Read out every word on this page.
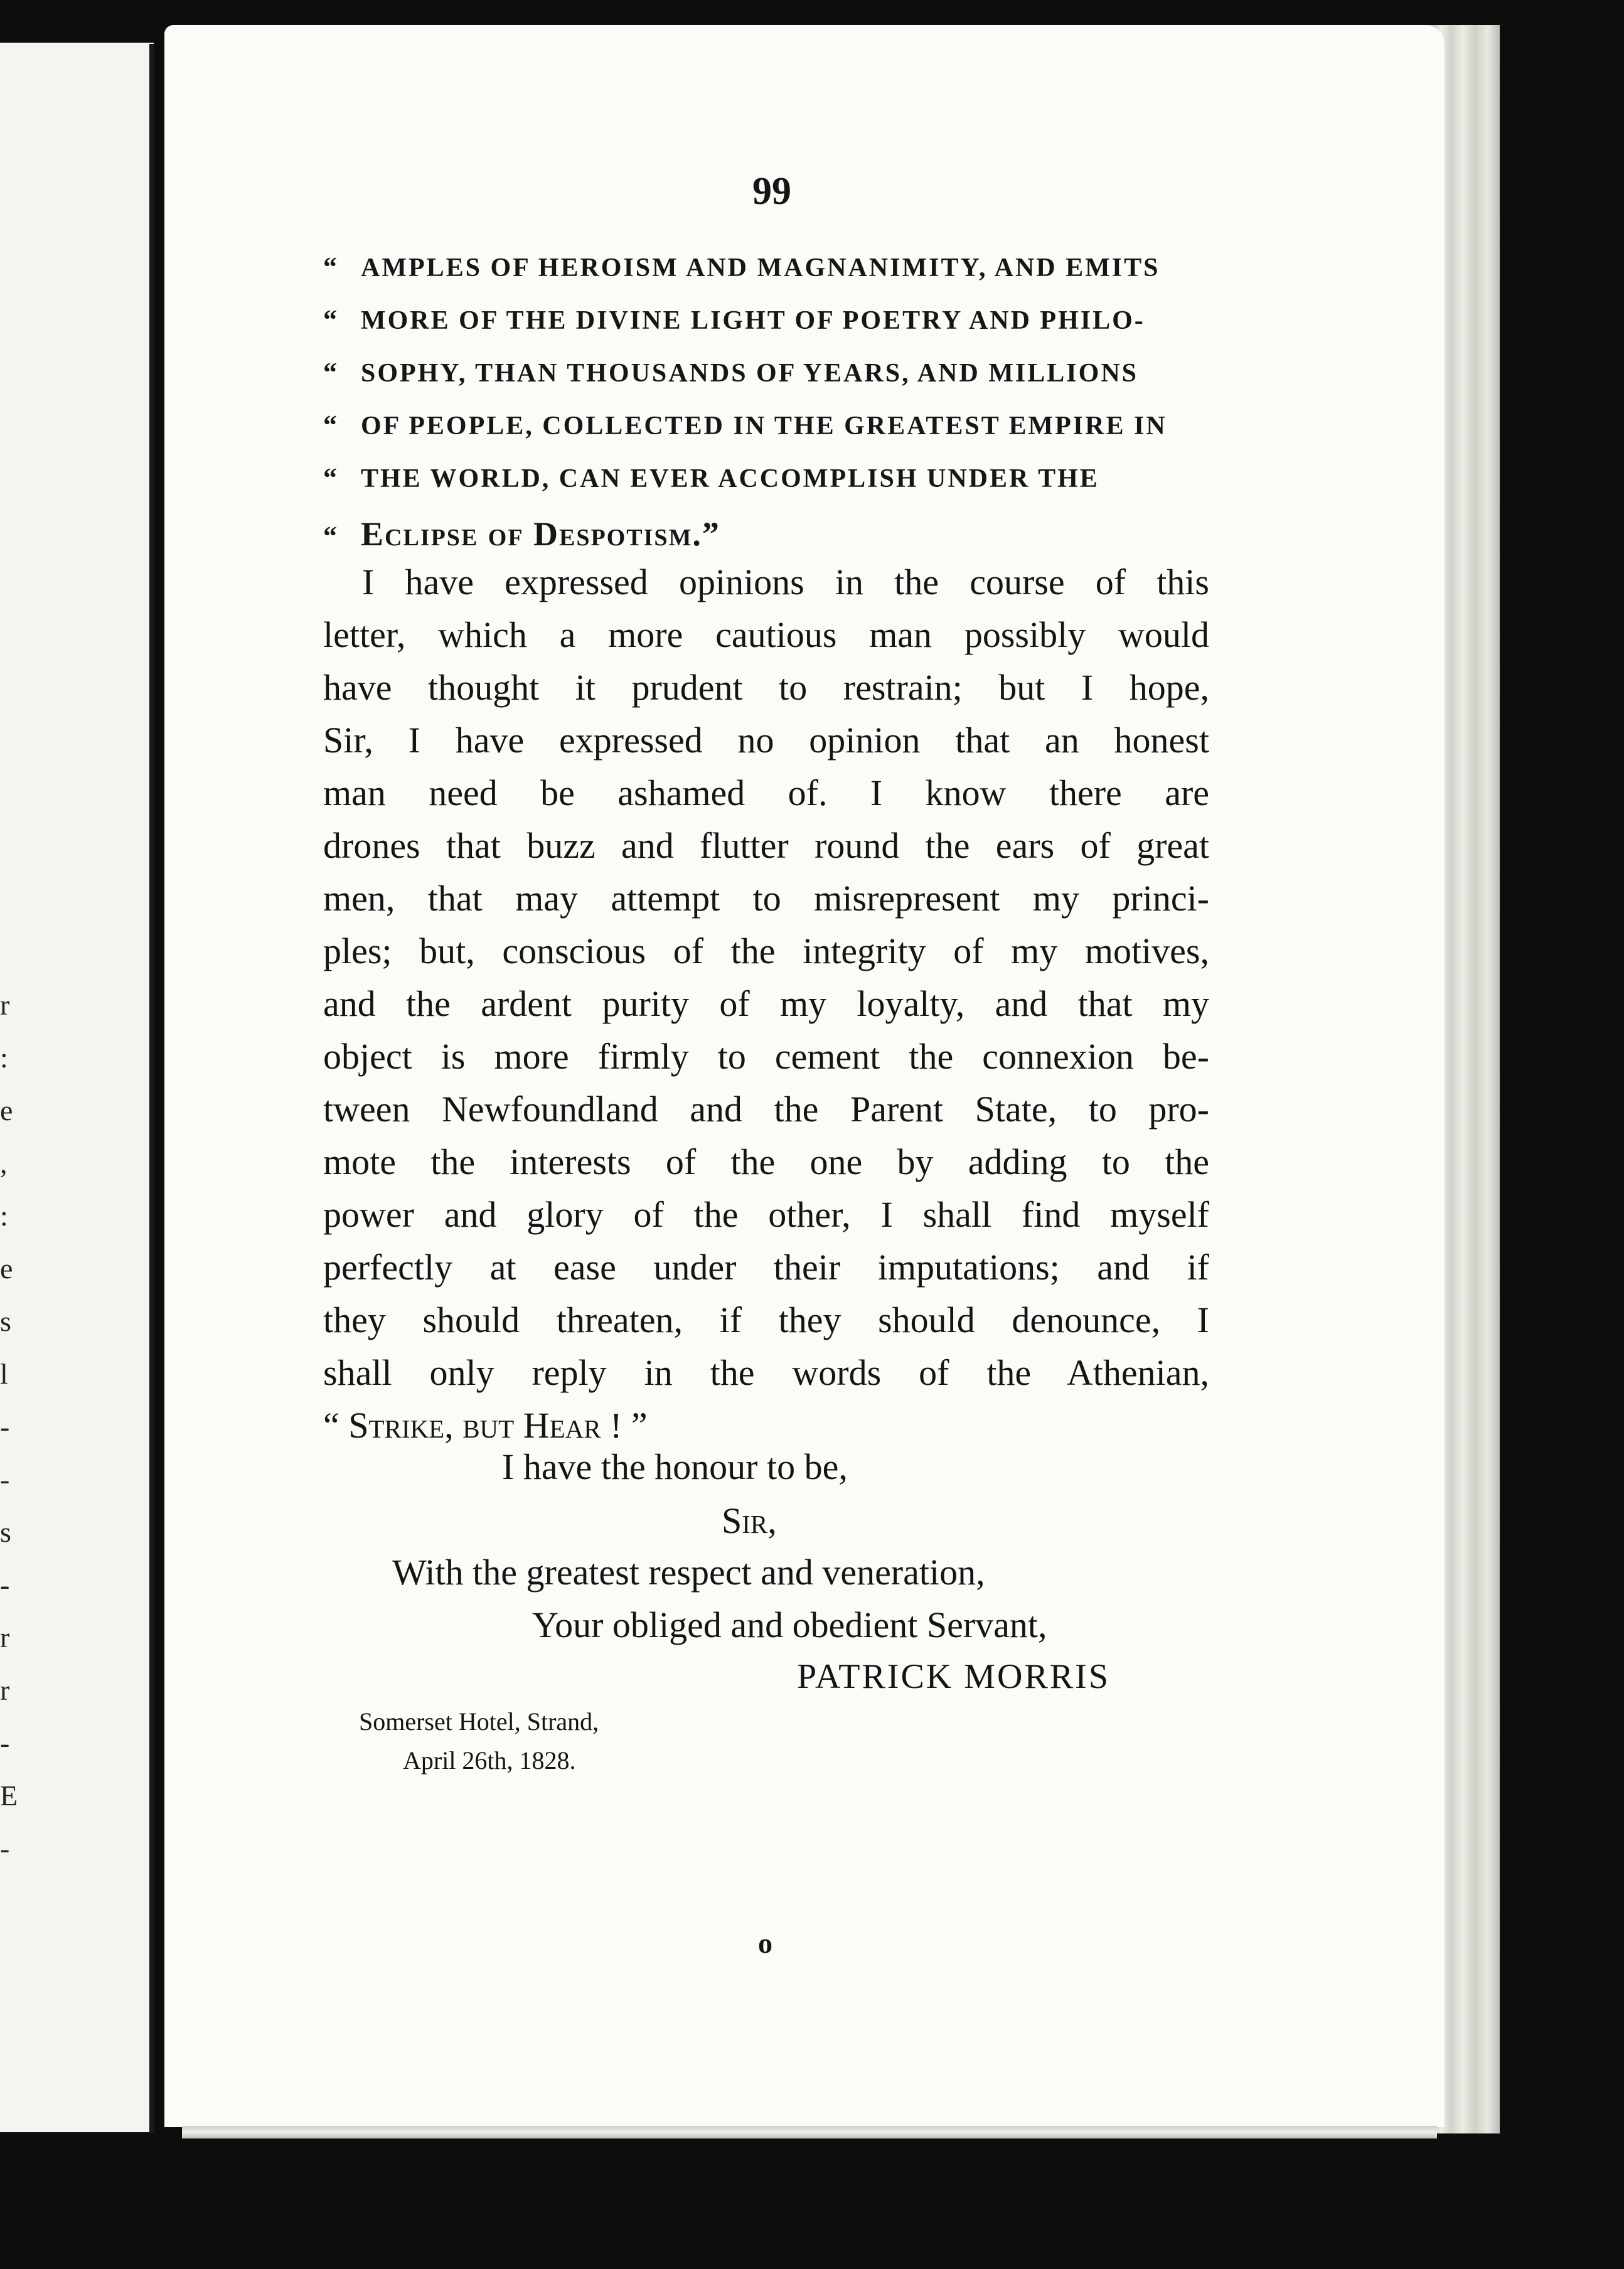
r
:
e
,
:
e
s
l
-
-
s
-
r
r
-
E
-
99
“ AMPLES OF HEROISM AND MAGNANIMITY, AND EMITS
“ MORE OF THE DIVINE LIGHT OF POETRY AND PHILO-
“ SOPHY, THAN THOUSANDS OF YEARS, AND MILLIONS
“ OF PEOPLE, COLLECTED IN THE GREATEST EMPIRE IN
“ THE WORLD, CAN EVER ACCOMPLISH UNDER THE
“ Eclipse of Despotism.”
I have expressed opinions in the course of this
letter, which a more cautious man possibly would
have thought it prudent to restrain; but I hope,
Sir, I have expressed no opinion that an honest
man need be ashamed of. I know there are
drones that buzz and flutter round the ears of great
men, that may attempt to misrepresent my princi-
ples; but, conscious of the integrity of my motives,
and the ardent purity of my loyalty, and that my
object is more firmly to cement the connexion be-
tween Newfoundland and the Parent State, to pro-
mote the interests of the one by adding to the
power and glory of the other, I shall find myself
perfectly at ease under their imputations; and if
they should threaten, if they should denounce, I
shall only reply in the words of the Athenian,
“ Strike, but Hear ! ”
I have the honour to be,
Sir,
With the greatest respect and veneration,
Your obliged and obedient Servant,
PATRICK MORRIS
Somerset Hotel, Strand,
April 26th, 1828.
o
